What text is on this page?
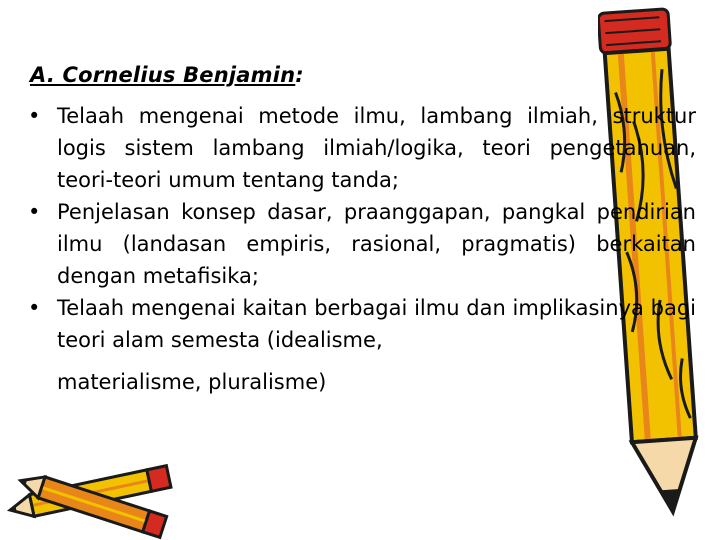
A. Cornelius Benjamin:
• Telaah mengenai metode ilmu, lambang ilmiah, struktur logis sistem lambang ilmiah/logika, teori pengetahuan, teori-teori umum tentang tanda;
• Penjelasan konsep dasar, praanggapan, pangkal pendirian ilmu (landasan empiris, rasional, pragmatis) berkaitan dengan metafisika;
• Telaah mengenai kaitan berbagai ilmu dan implikasinya bagi teori alam semesta (idealisme,
materialisme, pluralisme)
